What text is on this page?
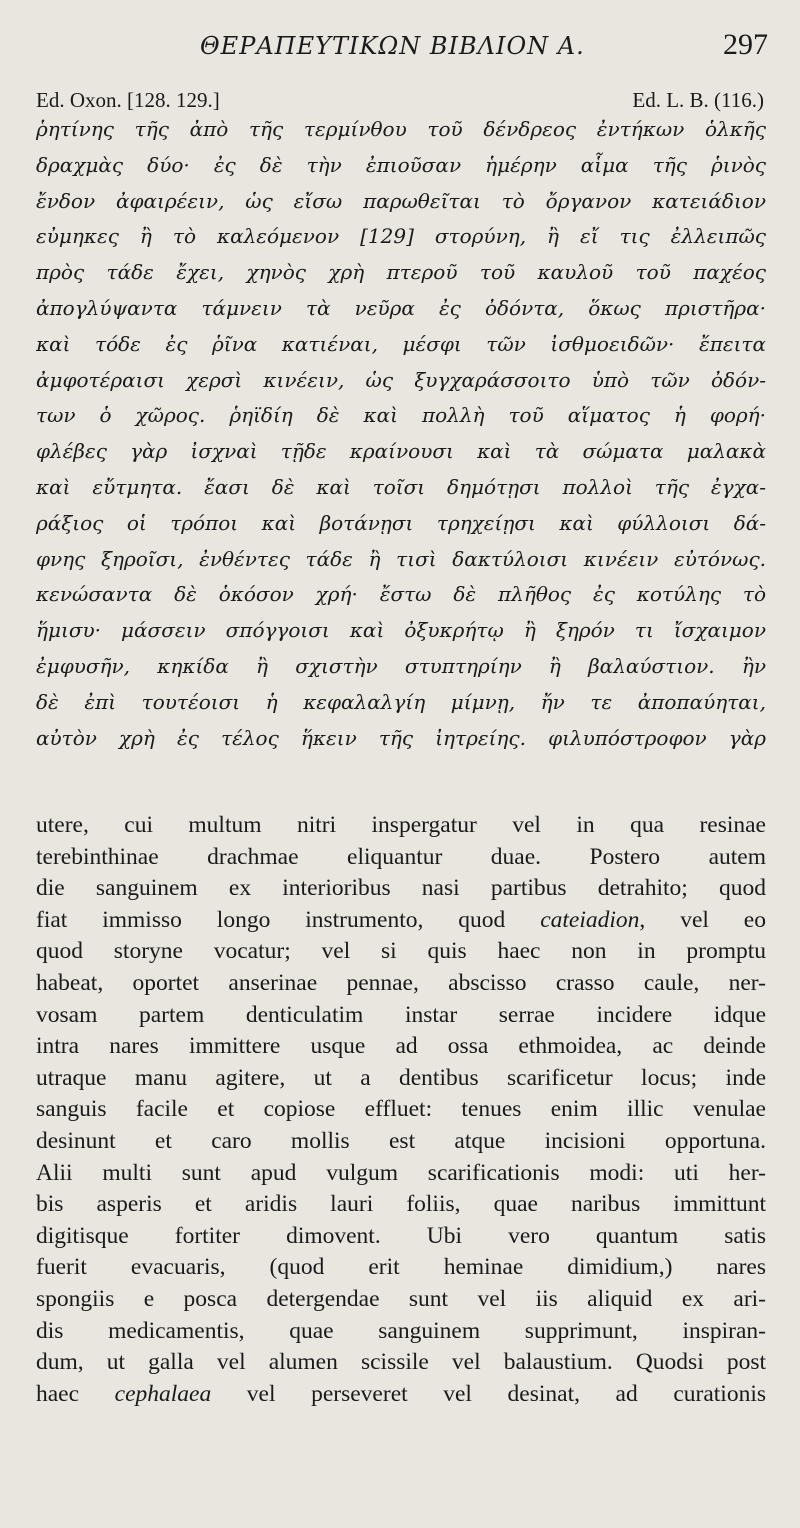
ΘΕΡΑΠΕΥΤΙΚΩΝ ΒΙΒΛΙΟΝ Α.	297
Ed. Oxon. [128. 129.]	Ed. L. B. (116.)
ῥητίνης τῆς ἀπὸ τῆς τερμίνθου τοῦ δένδρεος ἐντήκων ὁλκῆς
δραχμὰς δύο· ἐς δὲ τὴν ἐπιοῦσαν ἡμέρην αἷμα τῆς ῥινὸς
ἔνδον ἀφαιρέειν, ὡς εἴσω παρωθεῖται τὸ ὄργανον κατειάδιον
εὐμηκες ἢ τὸ καλεόμενον [129] στορύνη, ἢ εἴ τις ἐλλειπῶς
πρὸς τάδε ἔχει, χηνὸς χρὴ πτεροῦ τοῦ καυλοῦ τοῦ παχέος
ἀπογλύψαντα τάμνειν τὰ νεῦρα ἐς ὀδόντα, ὅκως πριστῆρα·
καὶ τόδε ἐς ῥῖνα κατιέναι, μέσφι τῶν ἰσθμοειδῶν· ἔπειτα
ἀμφοτέραισι χερσὶ κινέειν, ὡς ξυγχαράσσοιτο ὑπὸ τῶν ὀδόν-
των ὁ χῶρος. ῥηϊδίη δὲ καὶ πολλὴ τοῦ αἵματος ἡ φορή·
φλέβες γὰρ ἰσχναὶ τῇδε κραίνουσι καὶ τὰ σώματα μαλακὰ
καὶ εὔτμητα. ἔασι δὲ καὶ τοῖσι δημότῃσι πολλοὶ τῆς ἐγχα-
ράξιος οἱ τρόποι καὶ βοτάνῃσι τρηχείῃσι καὶ φύλλοισι δά-
φνης ξηροῖσι, ἐνθέντες τάδε ἢ τισὶ δακτύλοισι κινέειν εὐτόνως.
κενώσαντα δὲ ὁκόσον χρή· ἔστω δὲ πλῆθος ἐς κοτύλης τὸ
ἥμισυ· μάσσειν σπόγγοισι καὶ ὀξυκρήτῳ ἢ ξηρόν τι ἴσχαιμον
ἐμφυσῆν, κηκίδα ἢ σχιστὴν στυπτηρίην ἢ βαλαύστιον. ἢν
δὲ ἐπὶ τουτέοισι ἡ κεφαλαλγίη μίμνῃ, ἤν τε ἀποπαύηται,
αὐτὸν χρὴ ἐς τέλος ἥκειν τῆς ἰητρείης. φιλυπόστροφον γὰρ
utere, cui multum nitri inspergatur vel in qua resinae
terebinthinae drachmae eliquantur duae. Postero autem
die sanguinem ex interioribus nasi partibus detrahito; quod
fiat immisso longo instrumento, quod cateiadion, vel eo
quod storyne vocatur; vel si quis haec non in promptu
habeat, oportet anserinae pennae, abscisso crasso caule, ner-
vosam partem denticulatim instar serrae incidere idque
intra nares immittere usque ad ossa ethmoidea, ac deinde
utraque manu agitere, ut a dentibus scarificetur locus; inde
sanguis facile et copiose effluet: tenues enim illic venulae
desinunt et caro mollis est atque incisioni opportuna.
Alii multi sunt apud vulgum scarificationis modi: uti her-
bis asperis et aridis lauri foliis, quae naribus immittunt
digitisque fortiter dimovent. Ubi vero quantum satis
fuerit evacuaris, (quod erit heminae dimidium,) nares
spongiis e posca detergendae sunt vel iis aliquid ex ari-
dis medicamentis, quae sanguinem supprimunt, inspiran-
dum, ut galla vel alumen scissile vel balaustium. Quodsi post
haec cephalaea vel perseveret vel desinat, ad curationis
